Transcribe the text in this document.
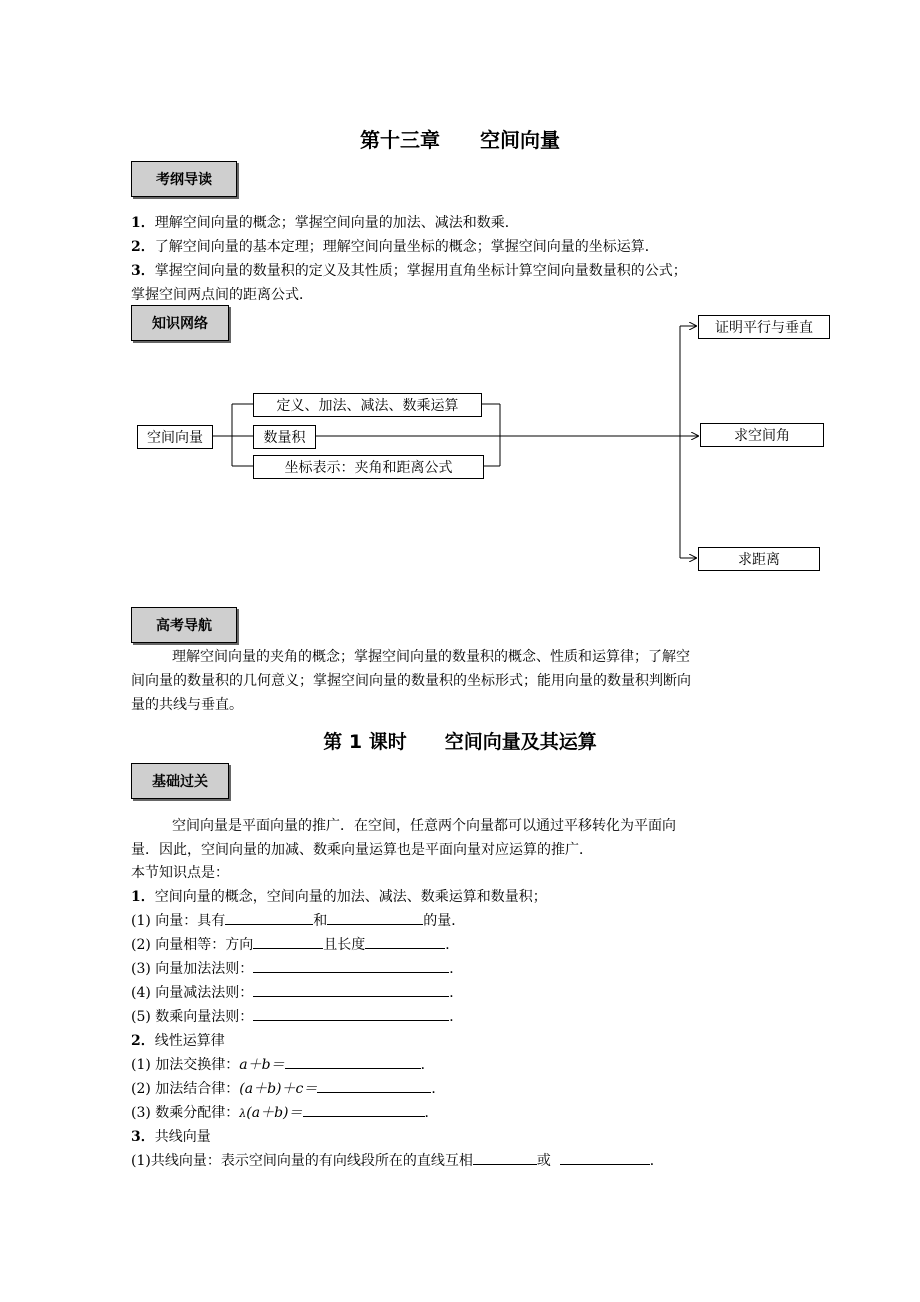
第十三章　　空间向量
考纲导读
1．理解空间向量的概念；掌握空间向量的加法、减法和数乘．
2．了解空间向量的基本定理；理解空间向量坐标的概念；掌握空间向量的坐标运算．
3．掌握空间向量的数量积的定义及其性质；掌握用直角坐标计算空间向量数量积的公式；
掌握空间两点间的距离公式．
知识网络
空间向量
定义、加法、减法、数乘运算
数量积
坐标表示：夹角和距离公式
证明平行与垂直
求空间角
求距离
高考导航
理解空间向量的夹角的概念；掌握空间向量的数量积的概念、性质和运算律；了解空
间向量的数量积的几何意义；掌握空间向量的数量积的坐标形式；能用向量的数量积判断向
量的共线与垂直。
第 1 课时　　空间向量及其运算
基础过关
空间向量是平面向量的推广．在空间，任意两个向量都可以通过平移转化为平面向
量．因此，空间向量的加减、数乘向量运算也是平面向量对应运算的推广．
本节知识点是：
1．空间向量的概念，空间向量的加法、减法、数乘运算和数量积；
(1) 向量：具有	和	的量．
(2) 向量相等：方向	且长度	．
(3) 向量加法法则：	．
(4) 向量减法法则：	．
(5) 数乘向量法则：	．
2．线性运算律
(1) 加法交换律：a＋b＝	．
(2) 加法结合律：(a＋b)＋c＝	．
(3) 数乘分配律：λ(a＋b)＝	．
3．共线向量
(1)共线向量：表示空间向量的有向线段所在的直线互相	或	．
